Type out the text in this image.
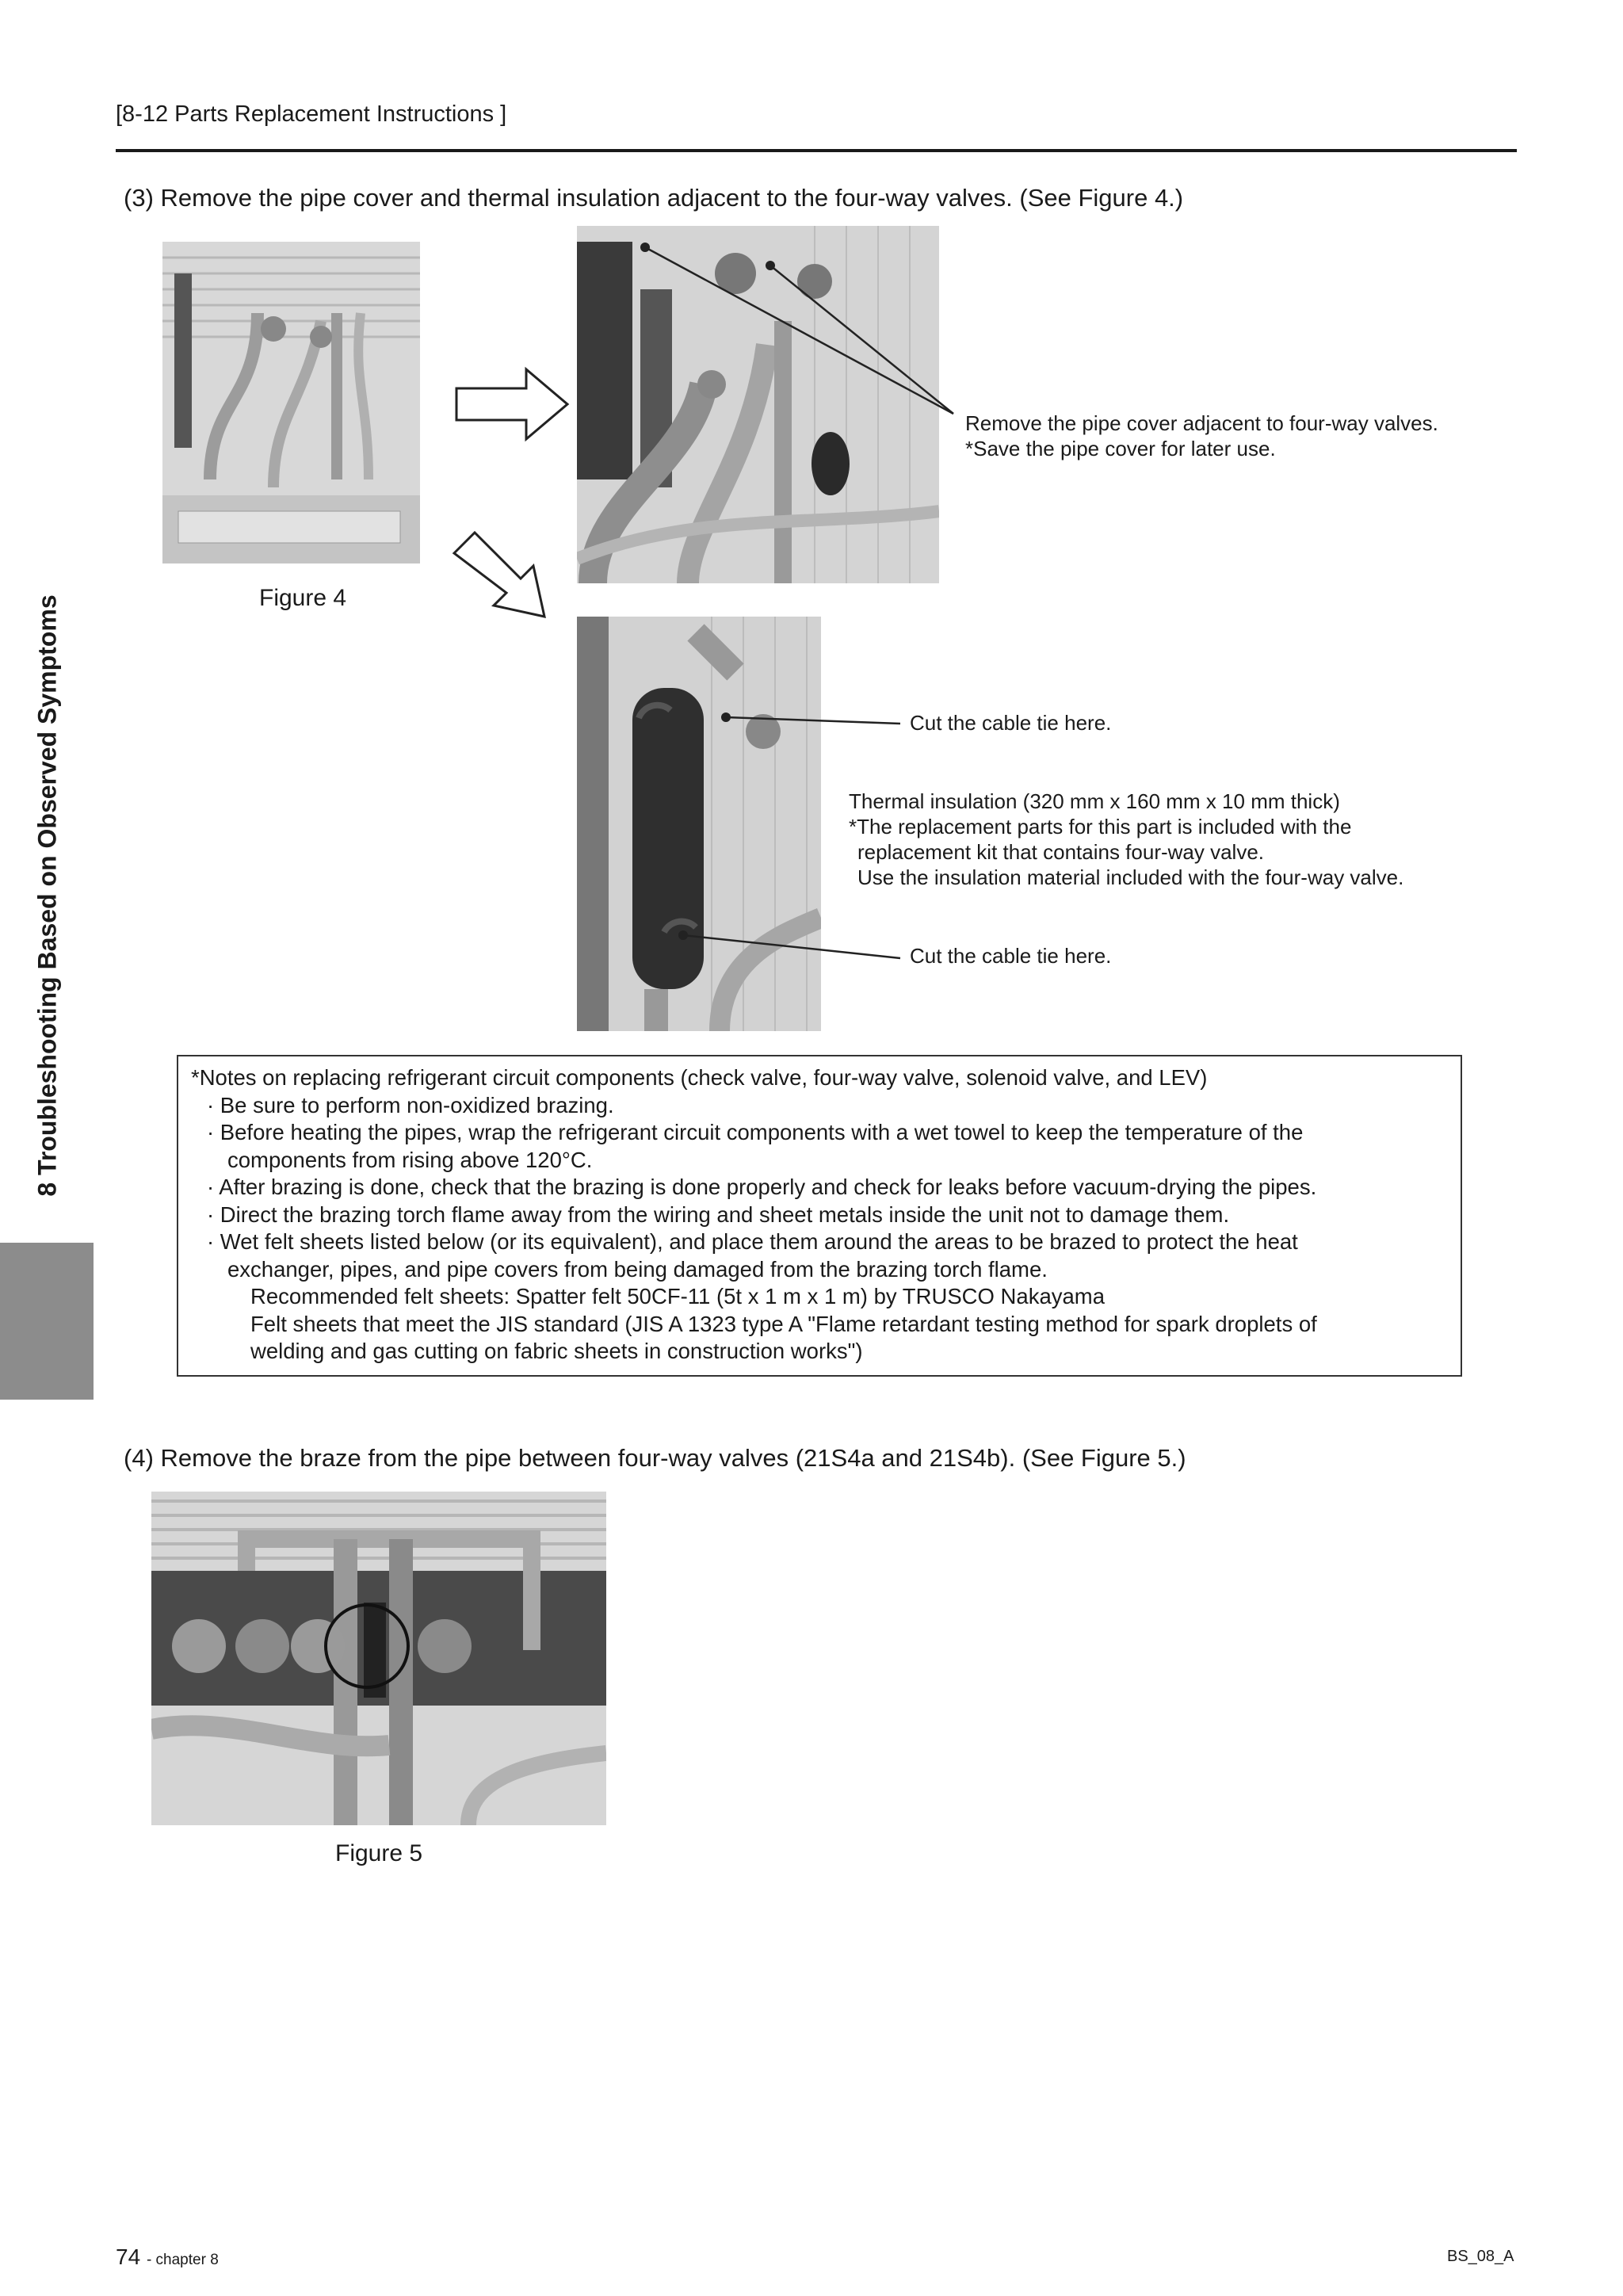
[8-12 Parts Replacement Instructions ]
8 Troubleshooting Based on Observed Symptoms
(3) Remove the pipe cover and thermal insulation adjacent to the four-way valves. (See Figure 4.)
Remove the pipe cover adjacent to four-way valves.
*Save the pipe cover for later use.
Cut the cable tie here.
Thermal insulation (320 mm x 160 mm x 10 mm thick)
*The replacement parts for this part is included with the
replacement kit that contains four-way valve.
Use the insulation material included with the four-way valve.
Cut the cable tie here.
Figure 4
*Notes on replacing refrigerant circuit components (check valve, four-way valve, solenoid valve, and LEV)
· Be sure to perform non-oxidized brazing.
· Before heating the pipes, wrap the refrigerant circuit components with a wet towel to keep the temperature of the
components from rising above 120°C.
· After brazing is done, check that the brazing is done properly and check for leaks before vacuum-drying the pipes.
· Direct the brazing torch flame away from the wiring and sheet metals inside the unit not to damage them.
· Wet felt sheets listed below (or its equivalent), and place them around the areas to be brazed to protect the heat
exchanger, pipes, and pipe covers from being damaged from the brazing torch flame.
Recommended felt sheets: Spatter felt 50CF-11 (5t x 1 m x 1 m) by TRUSCO Nakayama
Felt sheets that meet the JIS standard (JIS A 1323 type A "Flame retardant testing method for spark droplets of
welding and gas cutting on fabric sheets in construction works")
(4) Remove the braze from the pipe between four-way valves (21S4a and 21S4b). (See Figure 5.)
Figure 5
74 - chapter 8	BS_08_A
